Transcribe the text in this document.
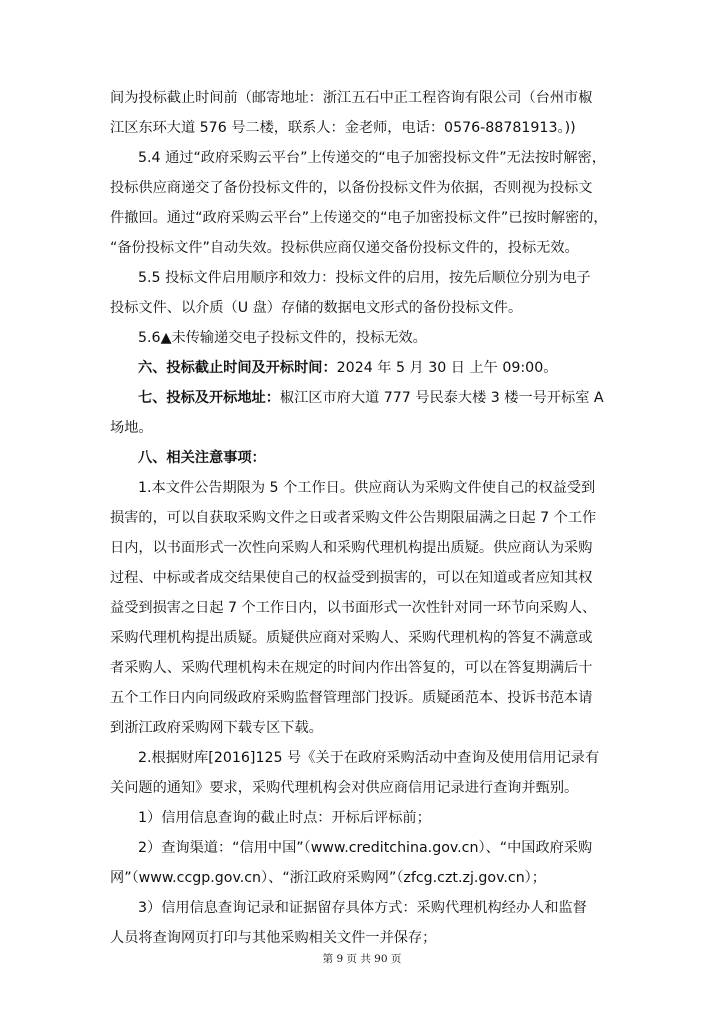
间为投标截止时间前（邮寄地址：浙江五石中正工程咨询有限公司（台州市椒
江区东环大道 576 号二楼，联系人：金老师，电话：0576-88781913。))
5.4 通过“政府采购云平台”上传递交的“电子加密投标文件”无法按时解密，
投标供应商递交了备份投标文件的，以备份投标文件为依据，否则视为投标文
件撤回。通过“政府采购云平台”上传递交的“电子加密投标文件”已按时解密的，
“备份投标文件”自动失效。投标供应商仅递交备份投标文件的，投标无效。
5.5 投标文件启用顺序和效力：投标文件的启用，按先后顺位分别为电子
投标文件、以介质（U 盘）存储的数据电文形式的备份投标文件。
5.6▲未传输递交电子投标文件的，投标无效。
六、投标截止时间及开标时间：2024 年 5 月 30 日 上午 09:00。
七、投标及开标地址：椒江区市府大道 777 号民泰大楼 3 楼一号开标室 A
场地。
八、相关注意事项：
1.本文件公告期限为 5 个工作日。供应商认为采购文件使自己的权益受到
损害的，可以自获取采购文件之日或者采购文件公告期限届满之日起 7 个工作
日内，以书面形式一次性向采购人和采购代理机构提出质疑。供应商认为采购
过程、中标或者成交结果使自己的权益受到损害的，可以在知道或者应知其权
益受到损害之日起 7 个工作日内，以书面形式一次性针对同一环节向采购人、
采购代理机构提出质疑。质疑供应商对采购人、采购代理机构的答复不满意或
者采购人、采购代理机构未在规定的时间内作出答复的，可以在答复期满后十
五个工作日内向同级政府采购监督管理部门投诉。质疑函范本、投诉书范本请
到浙江政府采购网下载专区下载。
2.根据财库[2016]125 号《关于在政府采购活动中查询及使用信用记录有
关问题的通知》要求，采购代理机构会对供应商信用记录进行查询并甄别。
1）信用信息查询的截止时点：开标后评标前；
2）查询渠道：“信用中国”（www.creditchina.gov.cn）、“中国政府采购
网”（www.ccgp.gov.cn）、“浙江政府采购网”（zfcg.czt.zj.gov.cn）；
3）信用信息查询记录和证据留存具体方式：采购代理机构经办人和监督
人员将查询网页打印与其他采购相关文件一并保存；
第 9 页 共 90 页
